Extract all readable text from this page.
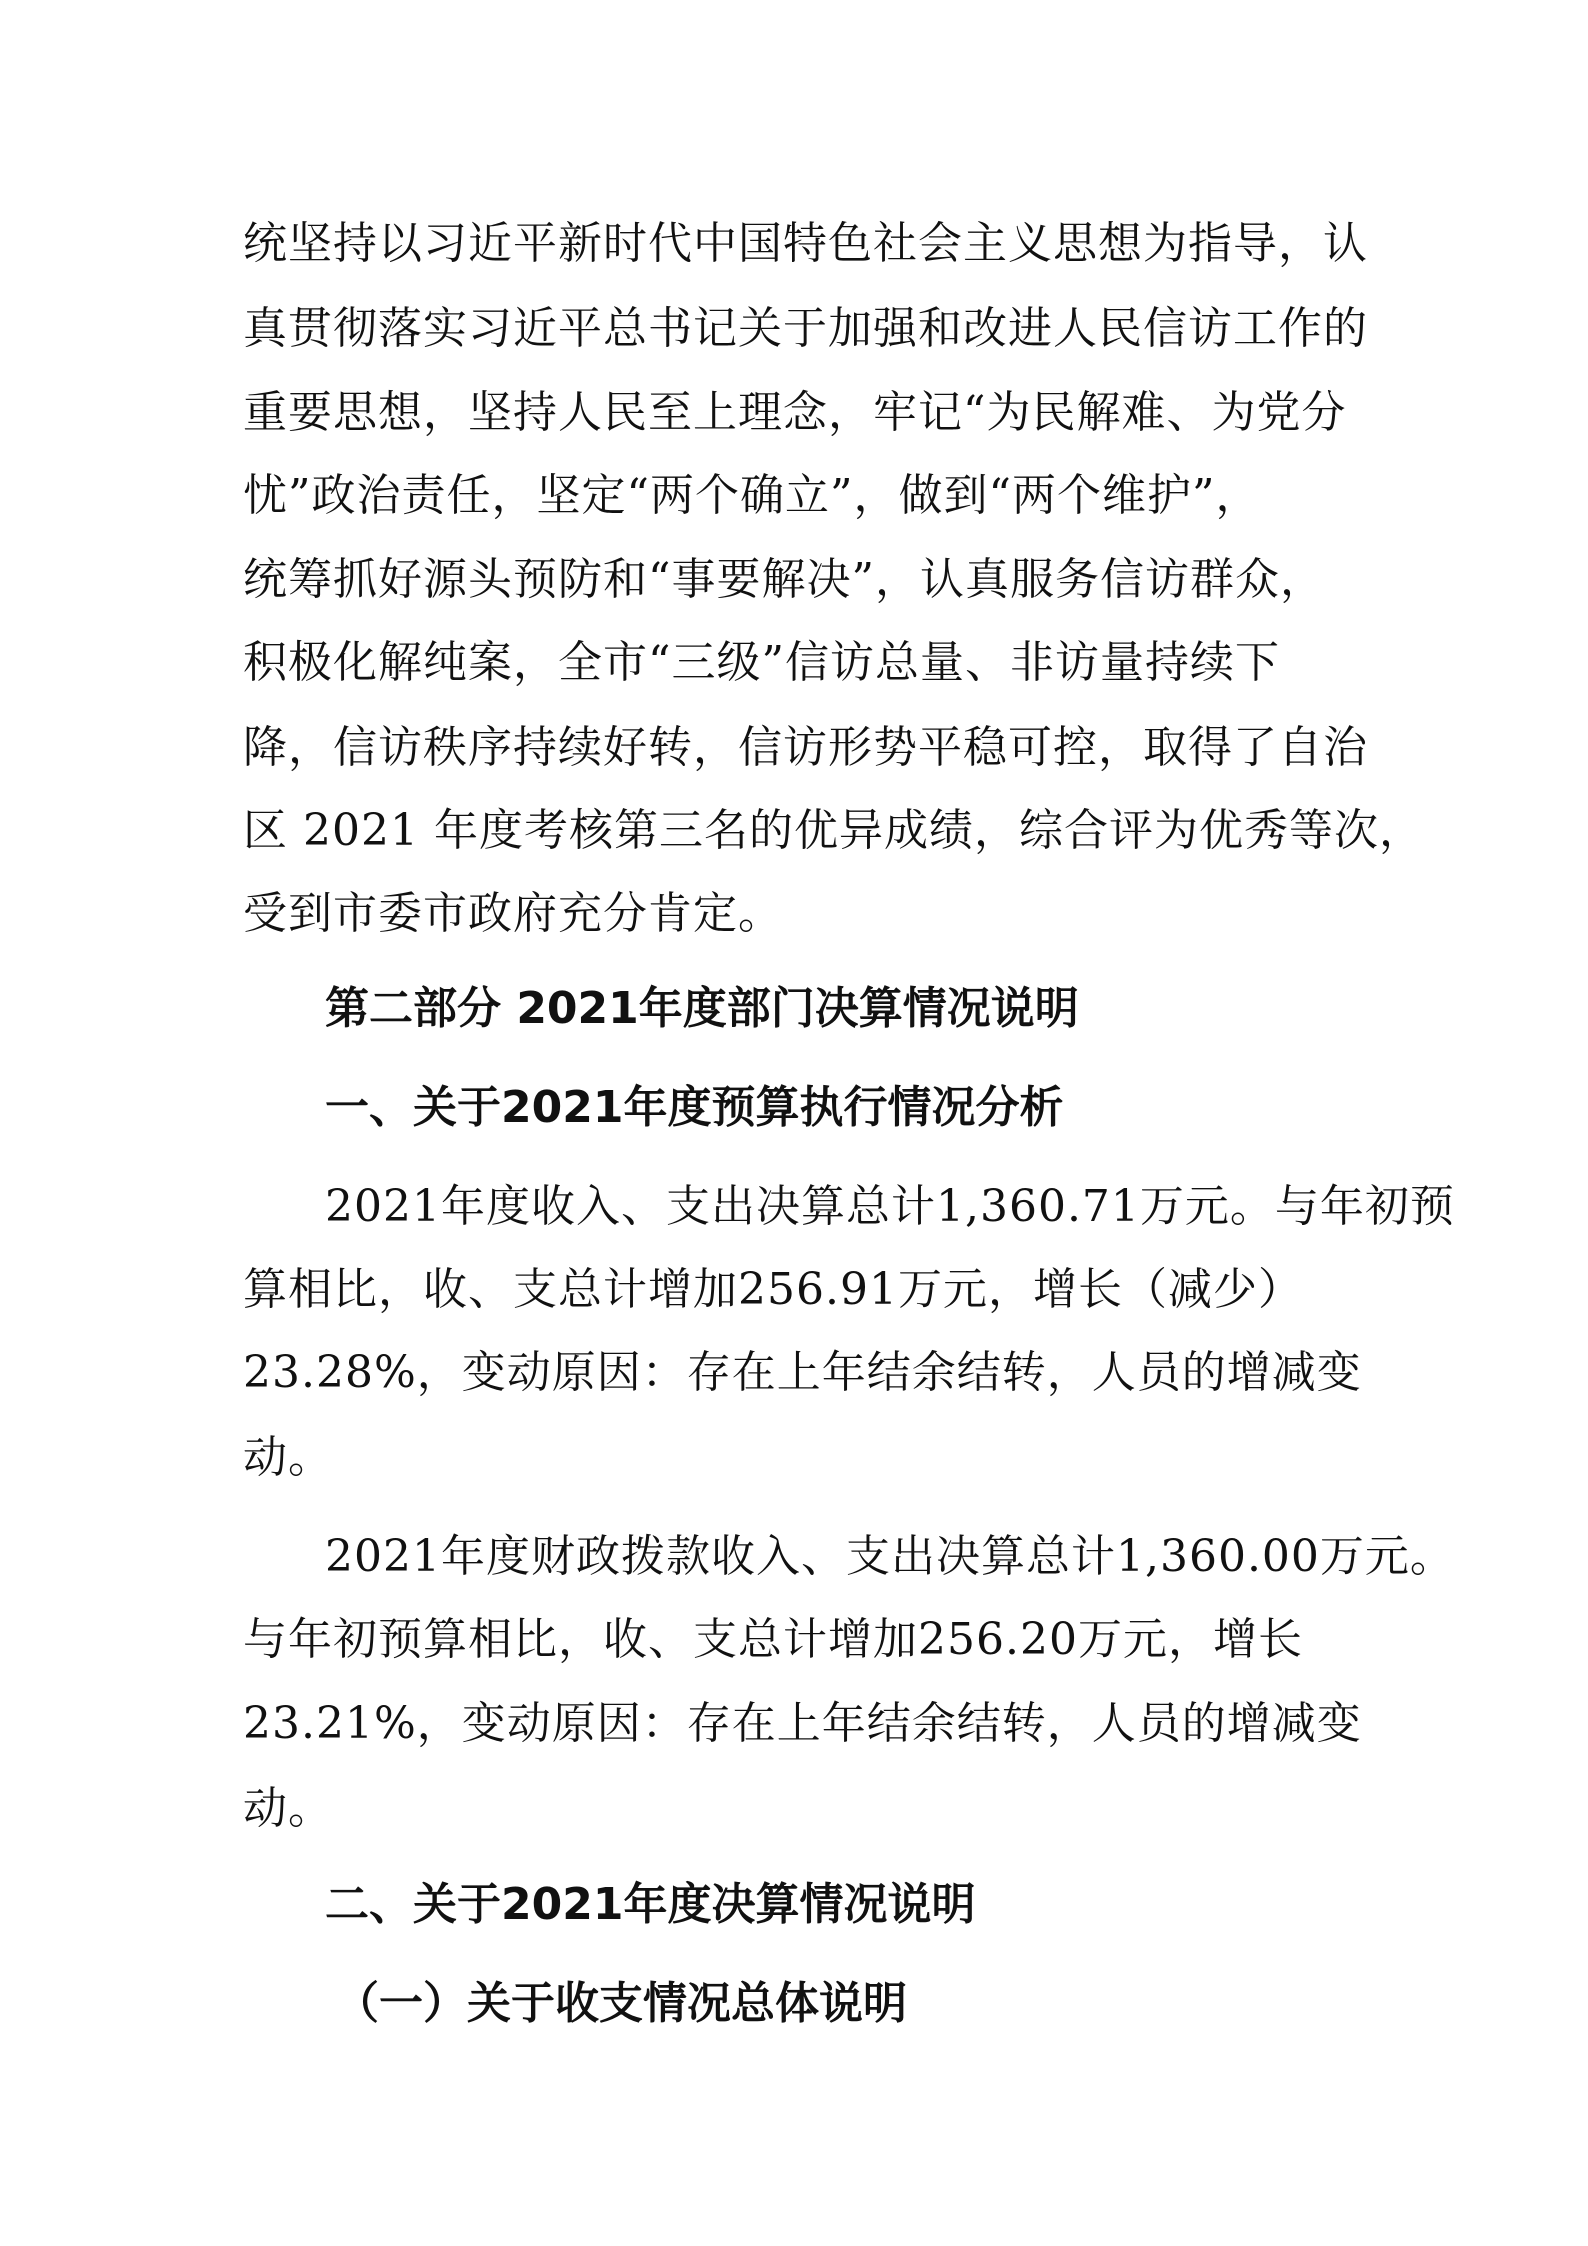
统坚持以习近平新时代中国特色社会主义思想为指导，认
真贯彻落实习近平总书记关于加强和改进人民信访工作的
重要思想，坚持人民至上理念，牢记“为民解难、为党分
忧”政治责任，坚定“两个确立”，做到“两个维护”，
统筹抓好源头预防和“事要解决”，认真服务信访群众，
积极化解纯案，全市“三级”信访总量、非访量持续下
降，信访秩序持续好转，信访形势平稳可控，取得了自治
区 2021 年度考核第三名的优异成绩，综合评为优秀等次，
受到市委市政府充分肯定。
第二部分 2021年度部门决算情况说明
一、关于2021年度预算执行情况分析
2021年度收入、支出决算总计1,360.71万元。与年初预
算相比，收、支总计增加256.91万元，增长（减少）
23.28%，变动原因：存在上年结余结转，人员的增减变
动。
2021年度财政拨款收入、支出决算总计1,360.00万元。
与年初预算相比，收、支总计增加256.20万元，增长
23.21%，变动原因：存在上年结余结转，人员的增减变
动。
二、关于2021年度决算情况说明
（一）关于收支情况总体说明
